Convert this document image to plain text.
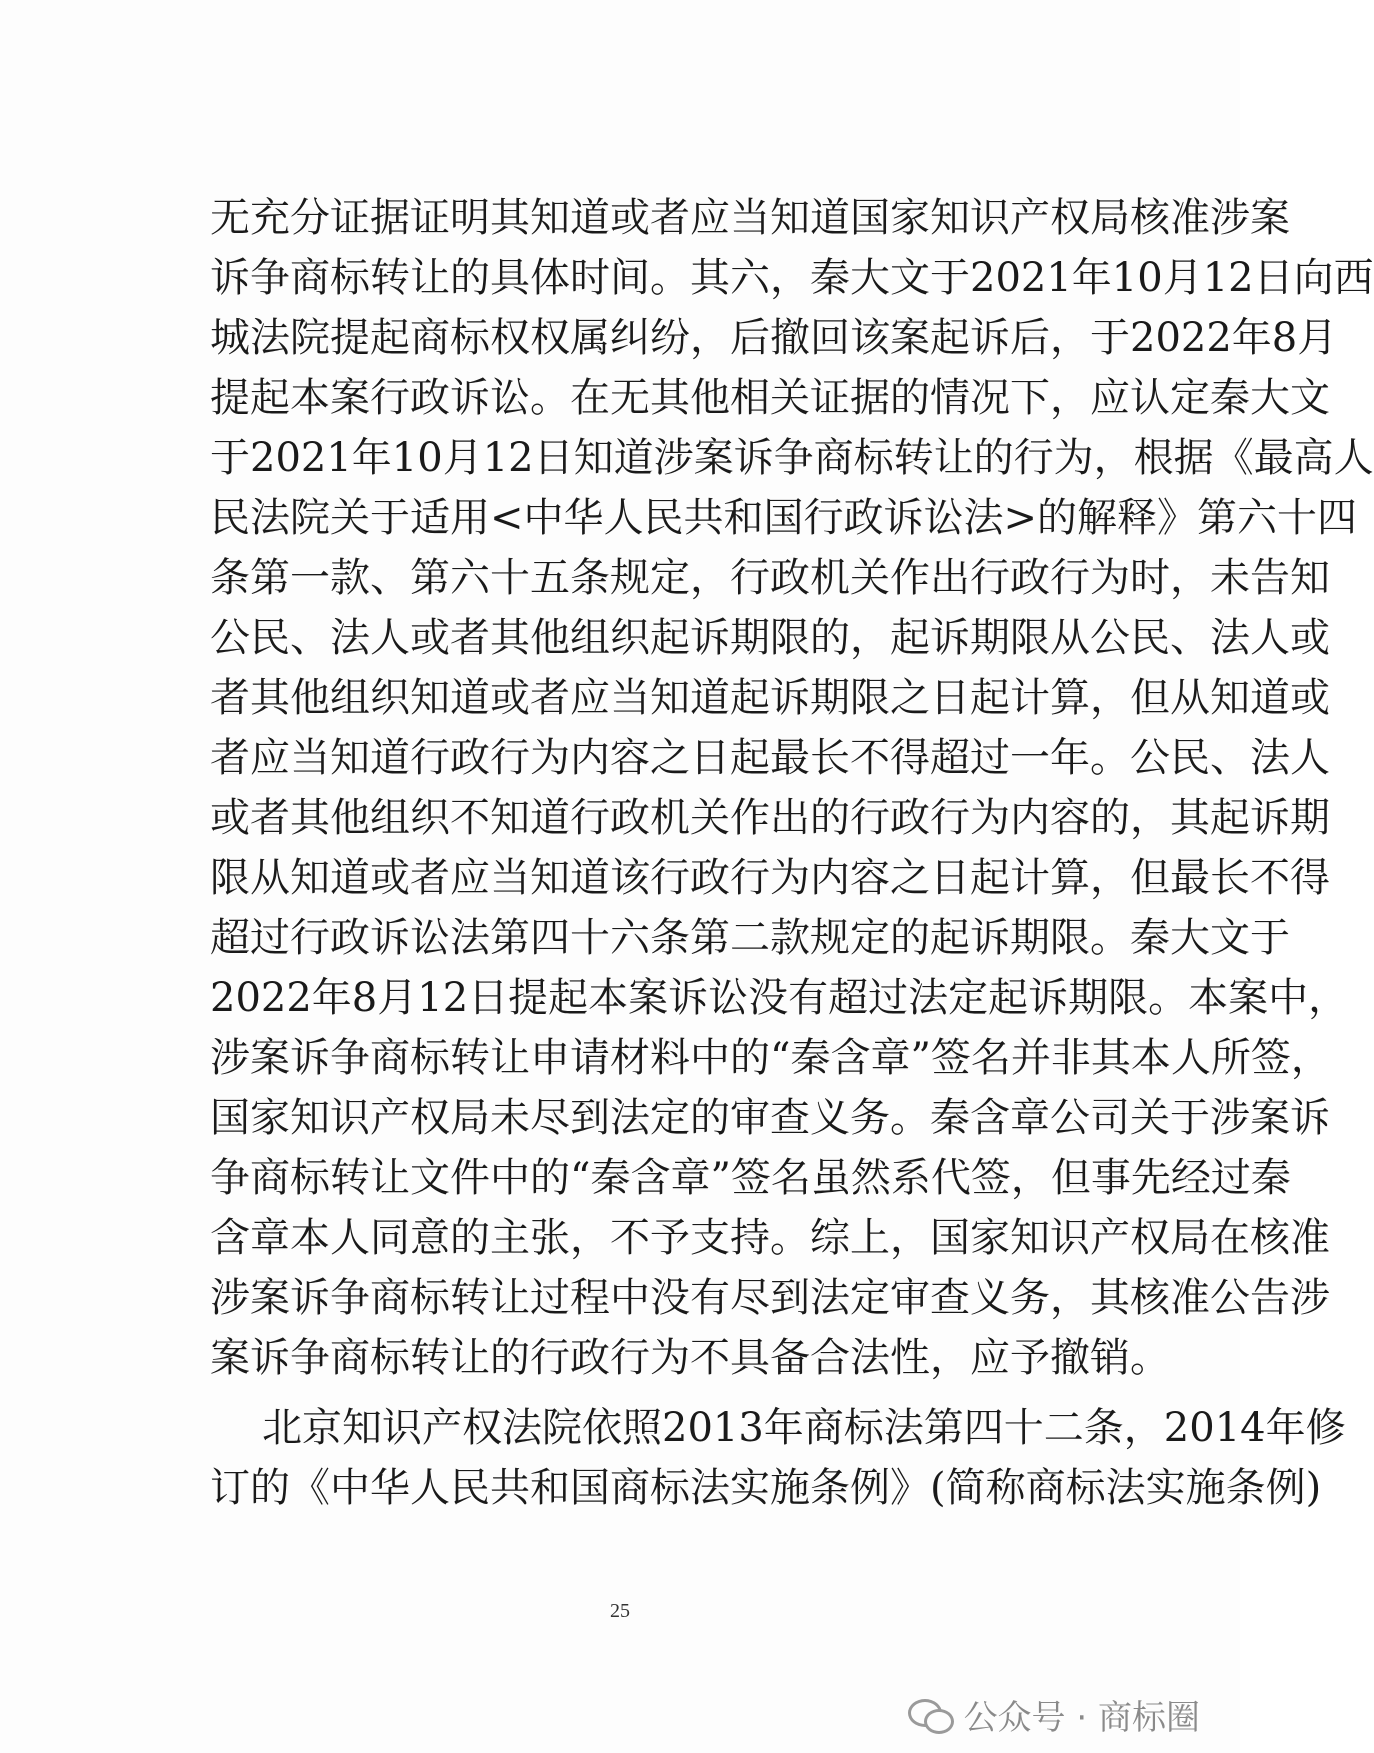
无充分证据证明其知道或者应当知道国家知识产权局核准涉案
诉争商标转让的具体时间。其六，秦大文于2021年10月12日向西
城法院提起商标权权属纠纷，后撤回该案起诉后，于2022年8月
提起本案行政诉讼。在无其他相关证据的情况下，应认定秦大文
于2021年10月12日知道涉案诉争商标转让的行为，根据《最高人
民法院关于适用<中华人民共和国行政诉讼法>的解释》第六十四
条第一款、第六十五条规定，行政机关作出行政行为时，未告知
公民、法人或者其他组织起诉期限的，起诉期限从公民、法人或
者其他组织知道或者应当知道起诉期限之日起计算，但从知道或
者应当知道行政行为内容之日起最长不得超过一年。公民、法人
或者其他组织不知道行政机关作出的行政行为内容的，其起诉期
限从知道或者应当知道该行政行为内容之日起计算，但最长不得
超过行政诉讼法第四十六条第二款规定的起诉期限。秦大文于
2022年8月12日提起本案诉讼没有超过法定起诉期限。本案中，
涉案诉争商标转让申请材料中的“秦含章”签名并非其本人所签，
国家知识产权局未尽到法定的审查义务。秦含章公司关于涉案诉
争商标转让文件中的“秦含章”签名虽然系代签，但事先经过秦
含章本人同意的主张，不予支持。综上，国家知识产权局在核准
涉案诉争商标转让过程中没有尽到法定审查义务，其核准公告涉
案诉争商标转让的行政行为不具备合法性，应予撤销。
北京知识产权法院依照2013年商标法第四十二条，2014年修
订的《中华人民共和国商标法实施条例》(简称商标法实施条例)
25
公众号 · 商标圈
